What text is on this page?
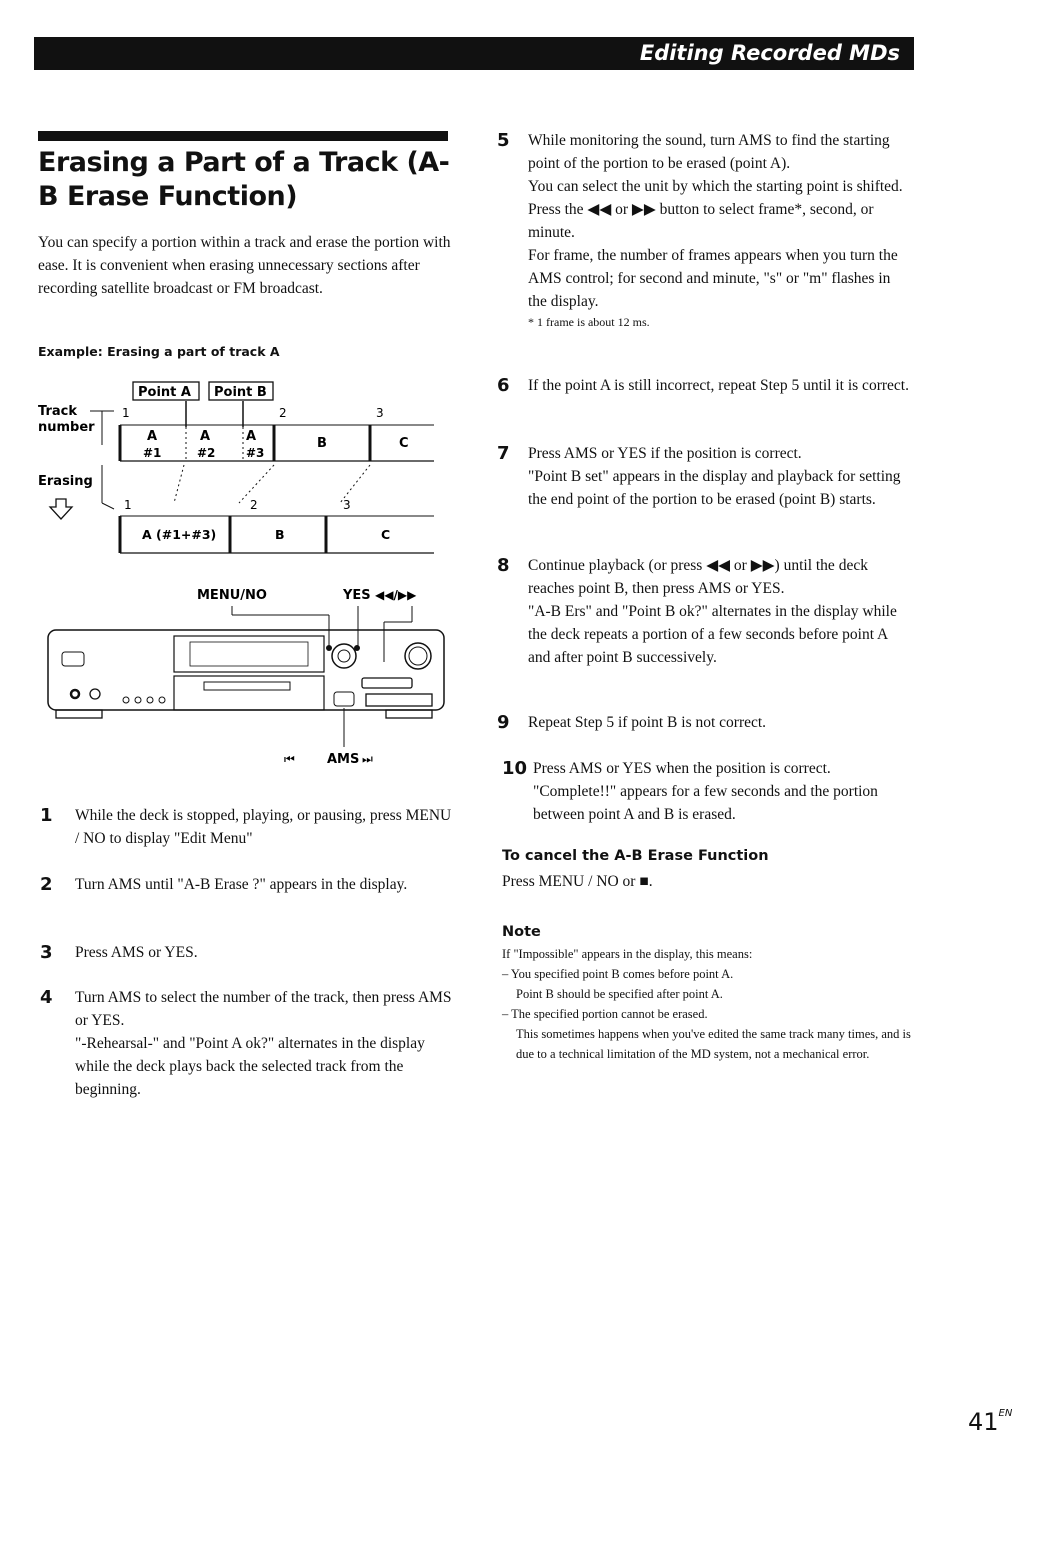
Editing Recorded MDs
Erasing a Part of a Track (A-B Erase Function)
You can specify a portion within a track and erase the portion with ease. It is convenient when erasing unnecessary sections after recording satellite broadcast or FM broadcast.
Example: Erasing a part of track A
Point A Point B
Track
number
1	2	3
A
#1
A
#2
A
#3
B	C
Erasing
1	2	3
A (#1+#3)	B	C
MENU/NO	YES ◀◀/▶▶
⏮ AMS ⏭
1 While the deck is stopped, playing, or pausing, press MENU / NO to display "Edit Menu"

2 Turn AMS until "A-B Erase ?" appears in the display.

3 Press AMS or YES.

4 Turn AMS to select the number of the track, then press AMS or YES.

"-Rehearsal-" and "Point A ok?" alternates in the display while the deck plays back the selected track from the beginning.

5 While monitoring the sound, turn AMS to find the starting point of the portion to be erased (point A).

You can select the unit by which the starting point is shifted. Press the ◀◀ or ▶▶ button to select frame*, second, or minute.

For frame, the number of frames appears when you turn the AMS control; for second and minute, "s" or "m" flashes in the display.

* 1 frame is about 12 ms.

6 If the point A is still incorrect, repeat Step 5 until it is correct.

7 Press AMS or YES if the position is correct.

"Point B set" appears in the display and playback for setting the end point of the portion to be erased (point B) starts.

8 Continue playback (or press ◀◀ or ▶▶) until the deck reaches point B, then press AMS or YES.

"A-B Ers" and "Point B ok?" alternates in the display while the deck repeats a portion of a few seconds before point A and after point B successively.

9 Repeat Step 5 if point B is not correct.

10 Press AMS or YES when the position is correct.

"Complete!!" appears for a few seconds and the portion between point A and B is erased.

To cancel the A-B Erase Function
Press MENU / NO or ■.
Note

If "Impossible" appears in the display, this means:

– You specified point B comes before point A.

Point B should be specified after point A.

– The specified portion cannot be erased.

This sometimes happens when you've edited the same track many times, and is due to a technical limitation of the MD system, not a mechanical error.

$41^{EN}$
